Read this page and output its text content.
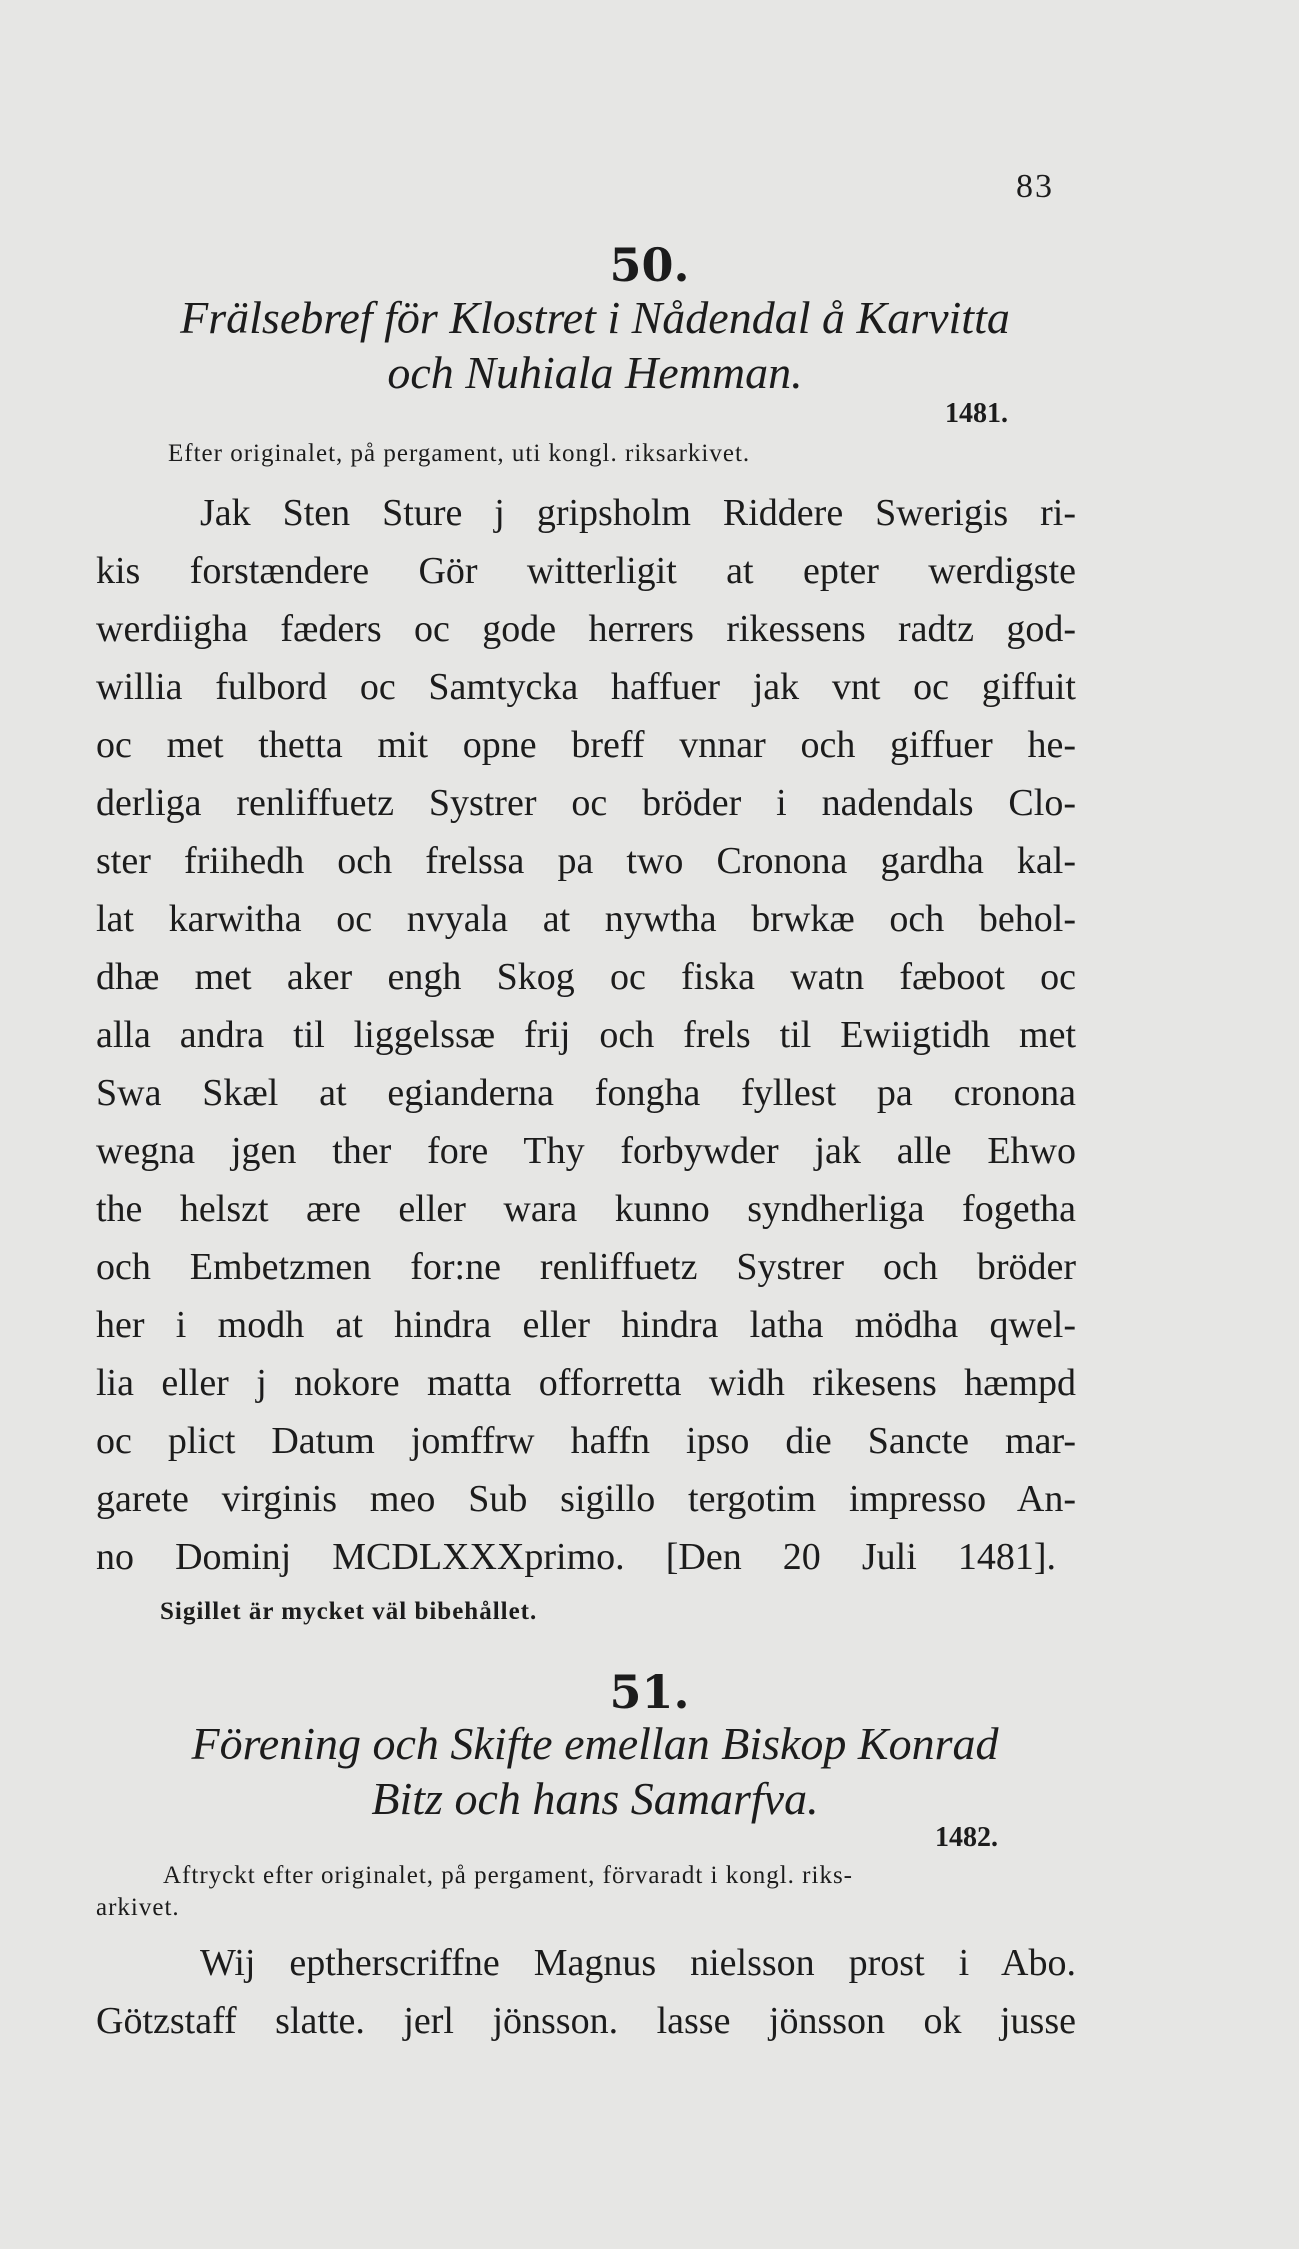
83
50.
Frälsebref för Klostret i Nådendal å Karvitta
och Nuhiala Hemman.
1481.
Efter originalet, på pergament, uti kongl. riksarkivet.
Jak Sten Sture j gripsholm Riddere Swerigis ri-
kis forstændere Gör witterligit at epter werdigste
werdiigha fæders oc gode herrers rikessens radtz god-
willia fulbord oc Samtycka haffuer jak vnt oc giffuit
oc met thetta mit opne breff vnnar och giffuer he-
derliga renliffuetz Systrer oc bröder i nadendals Clo-
ster friihedh och frelssa pa two Cronona gardha kal-
lat karwitha oc nvyala at nywtha brwkæ och behol-
dhæ met aker engh Skog oc fiska watn fæboot oc
alla andra til liggelssæ frij och frels til Ewiigtidh met
Swa Skæl at egianderna fongha fyllest pa cronona
wegna jgen ther fore Thy forbywder jak alle Ehwo
the helszt ære eller wara kunno syndherliga fogetha
och Embetzmen for:ne renliffuetz Systrer och bröder
her i modh at hindra eller hindra latha mödha qwel-
lia eller j nokore matta offorretta widh rikesens hæmpd
oc plict Datum jomffrw haffn ipso die Sancte mar-
garete virginis meo Sub sigillo tergotim impresso An-
no Dominj MCDLXXXprimo. [Den 20 Juli 1481].
Sigillet är mycket väl bibehållet.
51.
Förening och Skifte emellan Biskop Konrad
Bitz och hans Samarfva.
1482.
Aftryckt efter originalet, på pergament, förvaradt i kongl. riks-
arkivet.
Wij eptherscriffne Magnus nielsson prost i Abo.
Götzstaff slatte. jerl jönsson. lasse jönsson ok jusse
